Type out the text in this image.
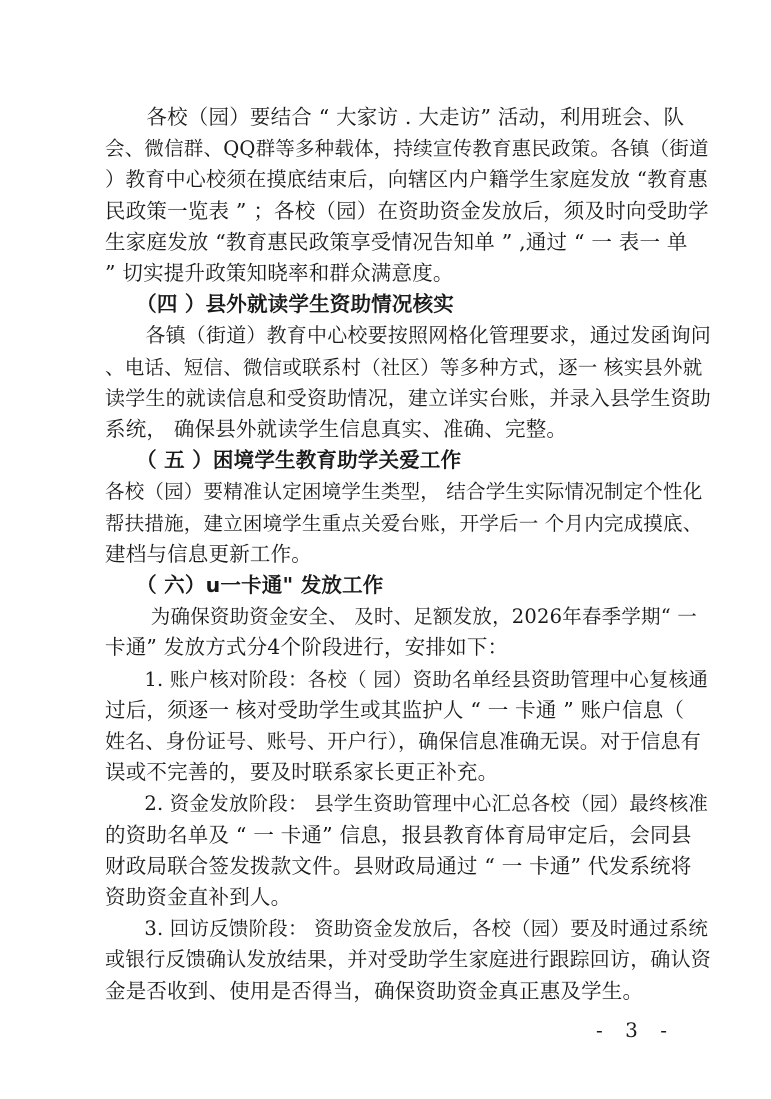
　　各校（园）要结合 “ 大家访 . 大走访” 活动，利用班会、队
会、微信群、QQ群等多种载体，持续宣传教育惠民政策。各镇（街道
）教育中心校须在摸底结束后，向辖区内户籍学生家庭发放 “教育惠
民政策一览表 ” ；各校（园）在资助资金发放后，须及时向受助学
生家庭发放 “教育惠民政策享受情况告知单 ” ,通过 “ 一 表一 单
” 切实提升政策知晓率和群众满意度。
　　（四 ）县外就读学生资助情况核实
　　各镇（街道）教育中心校要按照网格化管理要求，通过发函询问
、电话、短信、微信或联系村（社区）等多种方式，逐一 核实县外就
读学生的就读信息和受资助情况，建立详实台账，并录入县学生资助
系统， 确保县外就读学生信息真实、准确、完整。
　　（ 五 ）困境学生教育助学关爱工作
各校（园）要精准认定困境学生类型， 结合学生实际情况制定个性化
帮扶措施，建立困境学生重点关爱台账，开学后一 个月内完成摸底、
建档与信息更新工作。
　　（ 六）u一卡通" 发放工作
　　 为确保资助资金安全、 及时、足额发放，2026年春季学期“ 一
卡通” 发放方式分4个阶段进行，安排如下：
　　1. 账户核对阶段：各校（ 园）资助名单经县资助管理中心复核通
过后，须逐一 核对受助学生或其监护人 “ 一 卡通 ” 账户信息（
姓名、身份证号、账号、开户行），确保信息准确无误。对于信息有
误或不完善的，要及时联系家长更正补充。
　　2. 资金发放阶段： 县学生资助管理中心汇总各校（园）最终核准
的资助名单及 “ 一 卡通” 信息，报县教育体育局审定后，会同县
财政局联合签发拨款文件。县财政局通过 “ 一 卡通” 代发系统将
资助资金直补到人。
　　3. 回访反馈阶段： 资助资金发放后，各校（园）要及时通过系统
或银行反馈确认发放结果，并对受助学生家庭进行跟踪回访，确认资
金是否收到、使用是否得当，确保资助资金真正惠及学生。
- 3 -
